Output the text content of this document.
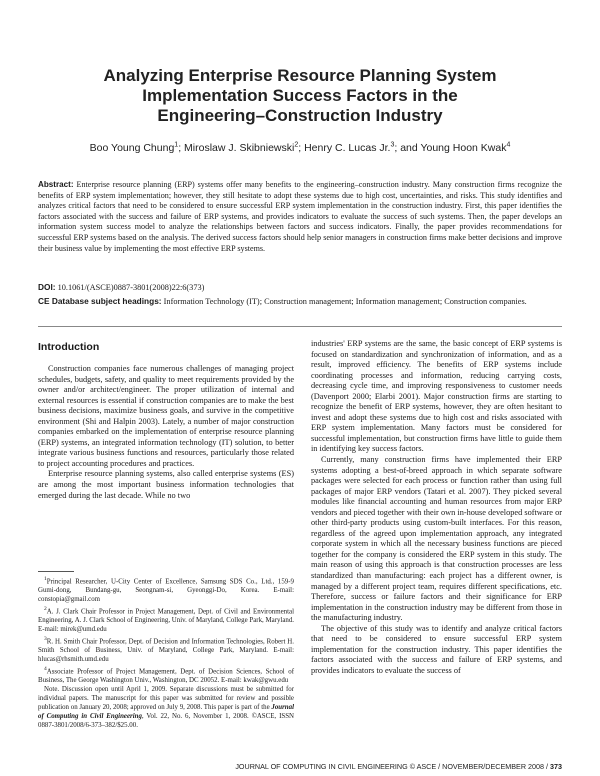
Analyzing Enterprise Resource Planning System
Implementation Success Factors in the
Engineering–Construction Industry
Boo Young Chung$^1$; Miroslaw J. Skibniewski$^2$; Henry C. Lucas Jr.$^3$; and Young Hoon Kwak$^4$
Abstract: Enterprise resource planning (ERP) systems offer many benefits to the engineering–construction industry. Many construction firms recognize the benefits of ERP system implementation; however, they still hesitate to adopt these systems due to high cost, uncertainties, and risks. This study identifies and analyzes critical factors that need to be considered to ensure successful ERP system implementation in the construction industry. First, this paper identifies the factors associated with the success and failure of ERP systems, and provides indicators to evaluate the success of such systems. Then, the paper develops an information system success model to analyze the relationships between factors and success indicators. Finally, the paper provides recommendations for successful ERP systems based on the analysis. The derived success factors should help senior managers in construction firms make better decisions and improve their business value by implementing the most effective ERP systems.
DOI: 10.1061/(ASCE)0887-3801(2008)22:6(373)
CE Database subject headings: Information Technology (IT); Construction management; Information management; Construction companies.
Introduction

Construction companies face numerous challenges of managing project schedules, budgets, safety, and quality to meet requirements provided by the owner and/or architect/engineer. The proper utilization of internal and external resources is essential if construction companies are to make the best business decisions, maximize business goals, and survive in the competitive environment (Shi and Halpin 2003). Lately, a number of major construction companies embarked on the implementation of enterprise resource planning (ERP) systems, an integrated information technology (IT) solution, to better integrate various business functions and resources, particularly those related to project accounting procedures and practices.

Enterprise resource planning systems, also called enterprise systems (ES) are among the most important business information technologies that emerged during the last decade. While no two

$^1$Principal Researcher, U-City Center of Excellence, Samsung SDS Co., Ltd., 159-9 Gumi-dong, Bundang-gu, Seongnam-si, Gyeonggi-Do, Korea. E-mail: constopia@gmail.com

$^2$A. J. Clark Chair Professor in Project Management, Dept. of Civil and Environmental Engineering, A. J. Clark School of Engineering, Univ. of Maryland, College Park, Maryland. E-mail: mirek@umd.edu

$^3$R. H. Smith Chair Professor, Dept. of Decision and Information Technologies, Robert H. Smith School of Business, Univ. of Maryland, College Park, Maryland. E-mail: hlucas@rhsmith.umd.edu

$^4$Associate Professor of Project Management, Dept. of Decision Sciences, School of Business, The George Washington Univ., Washington, DC 20052. E-mail: kwak@gwu.edu

Note. Discussion open until April 1, 2009. Separate discussions must be submitted for individual papers. The manuscript for this paper was submitted for review and possible publication on January 20, 2008; approved on July 9, 2008. This paper is part of the Journal of Computing in Civil Engineering, Vol. 22, No. 6, November 1, 2008. ©ASCE, ISSN 0887-3801/2008/6-373–382/$25.00.

industries' ERP systems are the same, the basic concept of ERP systems is focused on standardization and synchronization of information, and as a result, improved efficiency. The benefits of ERP systems include coordinating processes and information, reducing carrying costs, decreasing cycle time, and improving responsiveness to customer needs (Davenport 2000; Elarbi 2001). Major construction firms are starting to recognize the benefit of ERP systems, however, they are often hesitant to invest and adopt these systems due to high cost and risks associated with ERP system implementation. Many factors must be considered for successful implementation, but construction firms have little to guide them in identifying key success factors.

Currently, many construction firms have implemented their ERP systems adopting a best-of-breed approach in which separate software packages were selected for each process or function rather than using full packages of major ERP vendors (Tatari et al. 2007). They picked several modules like financial accounting and human resources from major ERP vendors and pieced together with their own in-house developed software or other third-party products using custom-built interfaces. For this reason, regardless of the agreed upon implementation approach, any integrated corporate system in which all the necessary business functions are pieced together for the company is considered the ERP system in this study. The main reason of using this approach is that construction processes are less standardized than manufacturing: each project has a different owner, is managed by a different project team, requires different specifications, etc. Therefore, success or failure factors and their significance for ERP implementation in the construction industry may be different from those in the manufacturing industry.

The objective of this study was to identify and analyze critical factors that need to be considered to ensure successful ERP system implementation for the construction industry. This paper identifies the factors associated with the success and failure of ERP systems, and provides indicators to evaluate the success of

JOURNAL OF COMPUTING IN CIVIL ENGINEERING © ASCE / NOVEMBER/DECEMBER 2008 / 373
